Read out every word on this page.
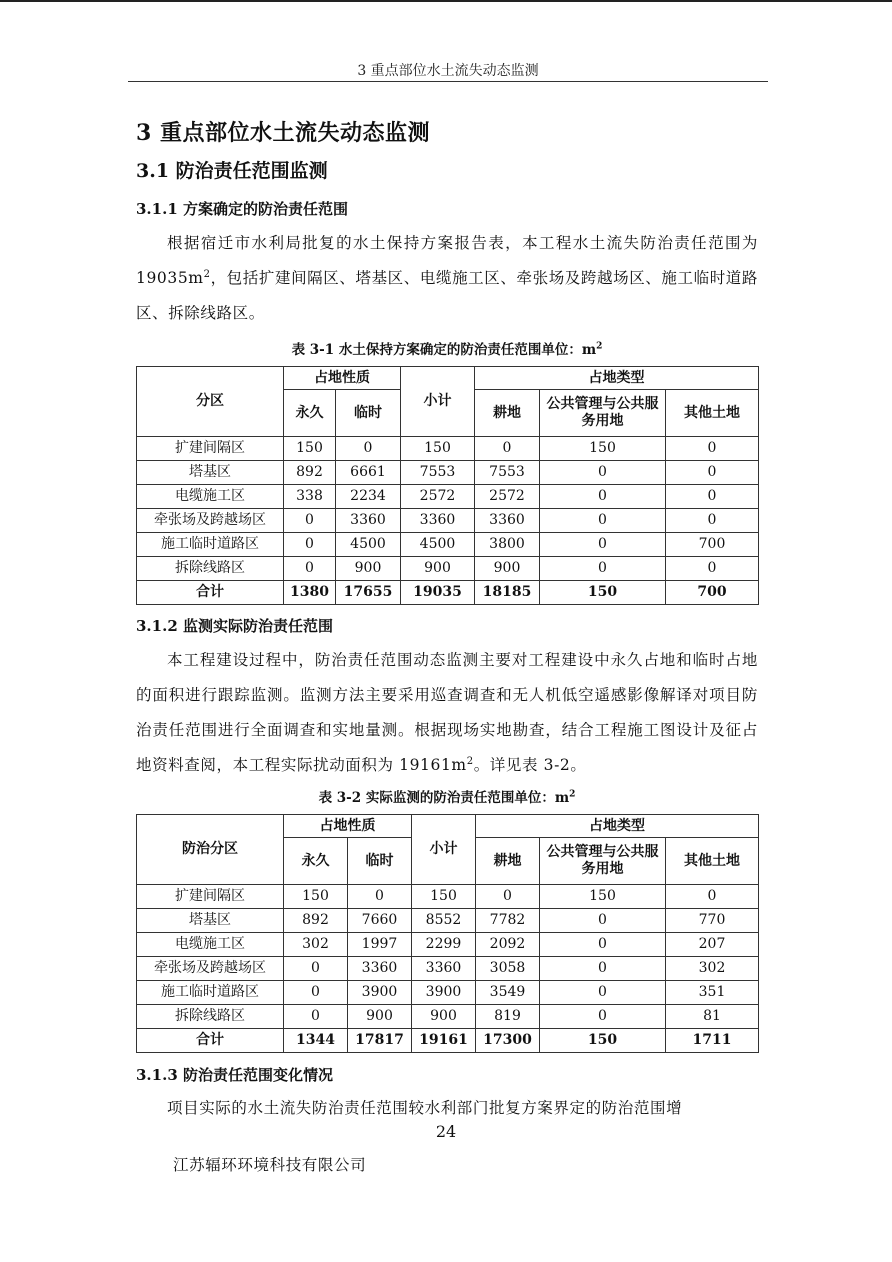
3 重点部位水土流失动态监测
3 重点部位水土流失动态监测
3.1 防治责任范围监测
3.1.1 方案确定的防治责任范围

根据宿迁市水利局批复的水土保持方案报告表，本工程水土流失防治责任范围为 $19035m^2$，包括扩建间隔区、塔基区、电缆施工区、牵张场及跨越场区、施工临时道路区、拆除线路区。

表 3-1 水土保持方案确定的防治责任范围单位：$m^2$
分区	占地性质		小计	占地类型		
	永久	临时		耕地	公共管理与公共服务用地	其他土地
扩建间隔区	150	0	150	0	150	0
塔基区	892	6661	7553	7553	0	0
电缆施工区	338	2234	2572	2572	0	0
牵张场及跨越场区	0	3360	3360	3360	0	0
施工临时道路区	0	4500	4500	3800	0	700
拆除线路区	0	900	900	900	0	0
合计	1380	17655	19035	18185	150	700
3.1.2 监测实际防治责任范围

本工程建设过程中，防治责任范围动态监测主要对工程建设中永久占地和临时占地的面积进行跟踪监测。监测方法主要采用巡查调查和无人机低空遥感影像解译对项目防治责任范围进行全面调查和实地量测。根据现场实地勘查，结合工程施工图设计及征占地资料查阅，本工程实际扰动面积为 $19161m^2$。详见表 3-2。

表 3-2 实际监测的防治责任范围单位：$m^2$
防治分区	占地性质		小计	占地类型		
	永久	临时		耕地	公共管理与公共服务用地	其他土地
扩建间隔区	150	0	150	0	150	0
塔基区	892	7660	8552	7782	0	770
电缆施工区	302	1997	2299	2092	0	207
牵张场及跨越场区	0	3360	3360	3058	0	302
施工临时道路区	0	3900	3900	3549	0	351
拆除线路区	0	900	900	819	0	81
合计	1344	17817	19161	17300	150	1711
3.1.3 防治责任范围变化情况

项目实际的水土流失防治责任范围较水利部门批复方案界定的防治范围增

24
江苏辐环环境科技有限公司
